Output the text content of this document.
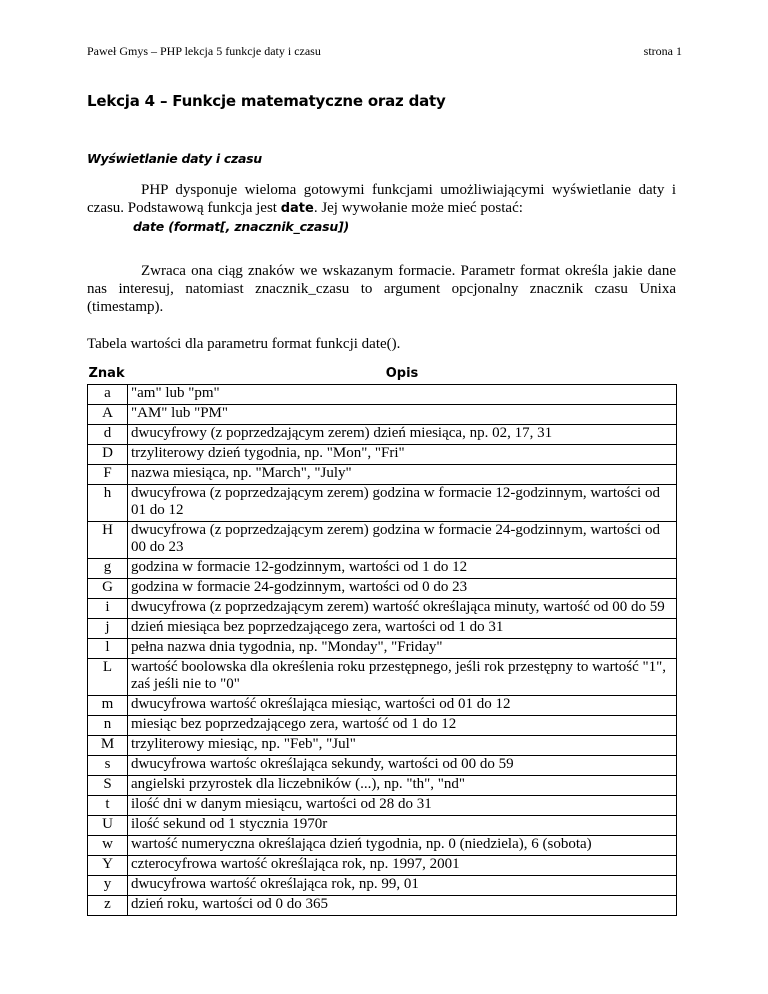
Paweł Gmys – PHP lekcja 5 funkcje daty i czasu	strona 1
Lekcja 4 – Funkcje matematyczne oraz daty
Wyświetlanie daty i czasu

PHP dysponuje wieloma gotowymi funkcjami umożliwiającymi wyświetlanie daty i czasu. Podstawową funkcja jest date. Jej wywołanie może mieć postać:
date (format[, znacznik_czasu])

Zwraca ona ciąg znaków we wskazanym formacie. Parametr format określa jakie dane nas interesuj, natomiast znacznik_czasu to argument opcjonalny znacznik czasu Unixa (timestamp).

Tabela wartości dla parametru format funkcji date().
Znak	Opis
a	"am" lub "pm"
A	"AM" lub "PM"
d	dwucyfrowy (z poprzedzającym zerem) dzień miesiąca, np. 02, 17, 31
D	trzyliterowy dzień tygodnia, np. "Mon", "Fri"
F	nazwa miesiąca, np. "March", "July"
h	dwucyfrowa (z poprzedzającym zerem) godzina w formacie 12-godzinnym, wartości od 01 do 12
H	dwucyfrowa (z poprzedzającym zerem) godzina w formacie 24-godzinnym, wartości od 00 do 23
g	godzina w formacie 12-godzinnym, wartości od 1 do 12
G	godzina w formacie 24-godzinnym, wartości od 0 do 23
i	dwucyfrowa (z poprzedzającym zerem) wartość określająca minuty, wartość od 00 do 59
j	dzień miesiąca bez poprzedzającego zera, wartości od 1 do 31
l	pełna nazwa dnia tygodnia, np. "Monday", "Friday"
L	wartość boolowska dla określenia roku przestępnego, jeśli rok przestępny to wartość "1", zaś jeśli nie to "0"
m	dwucyfrowa wartość określająca miesiąc, wartości od 01 do 12
n	miesiąc bez poprzedzającego zera, wartość od 1 do 12
M	trzyliterowy miesiąc, np. "Feb", "Jul"
s	dwucyfrowa wartośc określająca sekundy, wartości od 00 do 59
S	angielski przyrostek dla liczebników (...), np. "th", "nd"
t	ilość dni w danym miesiącu, wartości od 28 do 31
U	ilość sekund od 1 stycznia 1970r
w	wartość numeryczna określająca dzień tygodnia, np. 0 (niedziela), 6 (sobota)
Y	czterocyfrowa wartość określająca rok, np. 1997, 2001
y	dwucyfrowa wartość określająca rok, np. 99, 01
z	dzień roku, wartości od 0 do 365
